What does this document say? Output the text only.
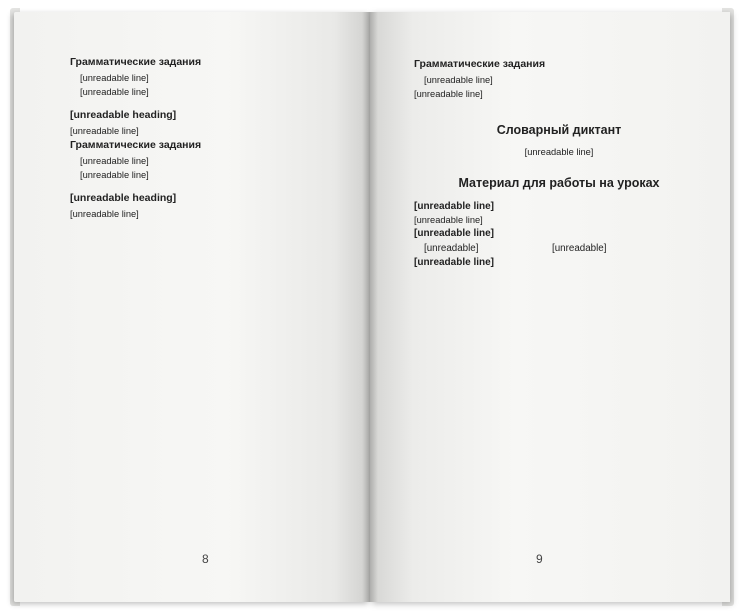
Грамматические задания

[unreadable line]

[unreadable line]

[unreadable heading]

[unreadable line]

Грамматические задания

[unreadable line]

[unreadable line]

[unreadable heading]

[unreadable line]
8

Грамматические задания

[unreadable line]

[unreadable line]

Словарный диктант

[unreadable line]

Материал для работы на уроках

[unreadable line]
[unreadable line]
[unreadable line]
[unreadable]	[unreadable]
[unreadable line]
9
